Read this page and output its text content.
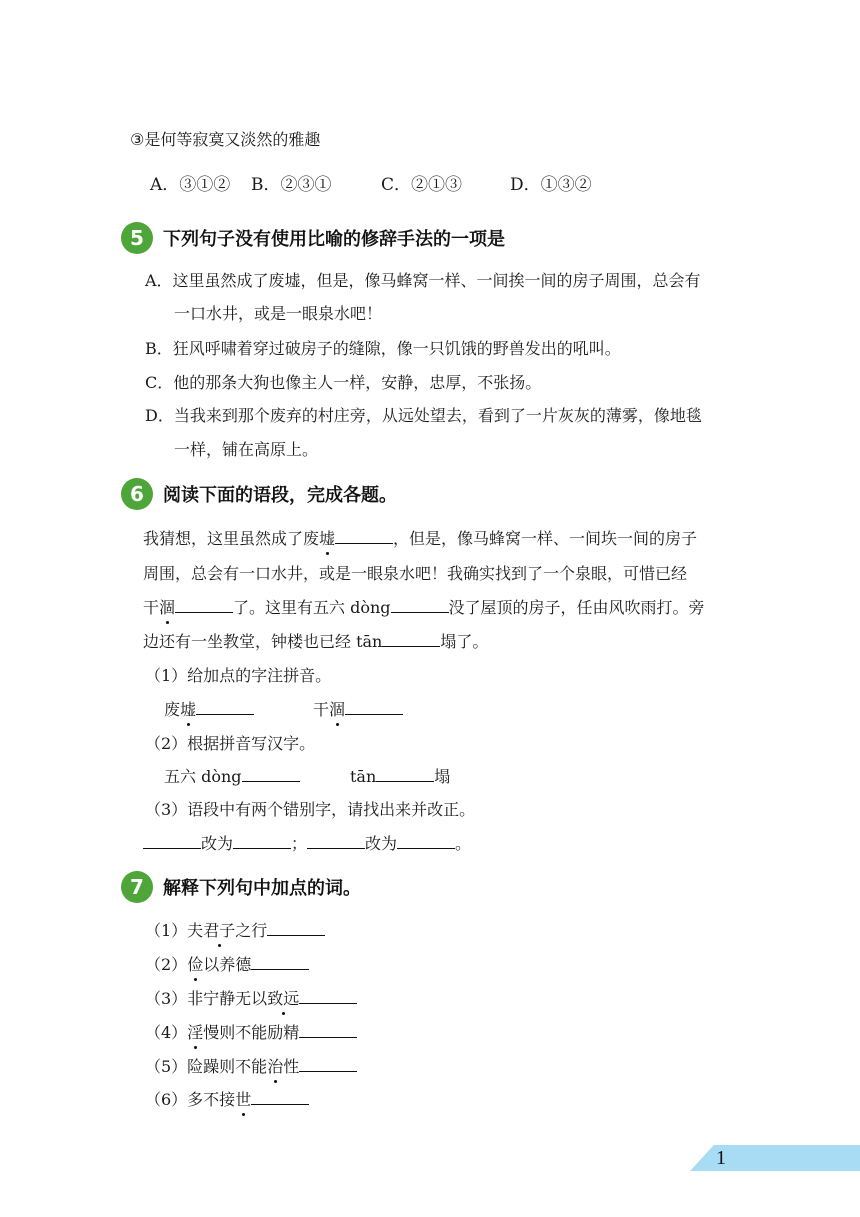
③是何等寂寞又淡然的雅趣
A．③①② B．②③①	C．②①③	D．①③②
5	下列句子没有使用比喻的修辞手法的一项是
A．这里虽然成了废墟，但是，像马蜂窝一样、一间挨一间的房子周围，总会有
一口水井，或是一眼泉水吧！
B．狂风呼啸着穿过破房子的缝隙，像一只饥饿的野兽发出的吼叫。
C．他的那条大狗也像主人一样，安静，忠厚，不张扬。
D．当我来到那个废弃的村庄旁，从远处望去，看到了一片灰灰的薄雾，像地毯
一样，铺在高原上。
6	阅读下面的语段，完成各题。
我猜想，这里虽然成了废墟	，但是，像马蜂窝一样、一间垁一间的房子
周围，总会有一口水井，或是一眼泉水吧！我确实找到了一个泉眼，可惜已经
干涸	了。这里有五六 dòng	没了屋顶的房子，任由风吹雨打。旁
边还有一坐教堂，钟楼也已经 tān	塌了。
（1）给加点的字注拼音。
废墟	干涸
（2）根据拼音写汉字。
五六 dòng	tān	塌
（3）语段中有两个错别字，请找出来并改正。
改为	；	改为	。
7	解释下列句中加点的词。
（1）夫君子之行
（2）俭以养德
（3）非宁静无以致远
（4）淫慢则不能励精
（5）险躁则不能治性
（6）多不接世
1
